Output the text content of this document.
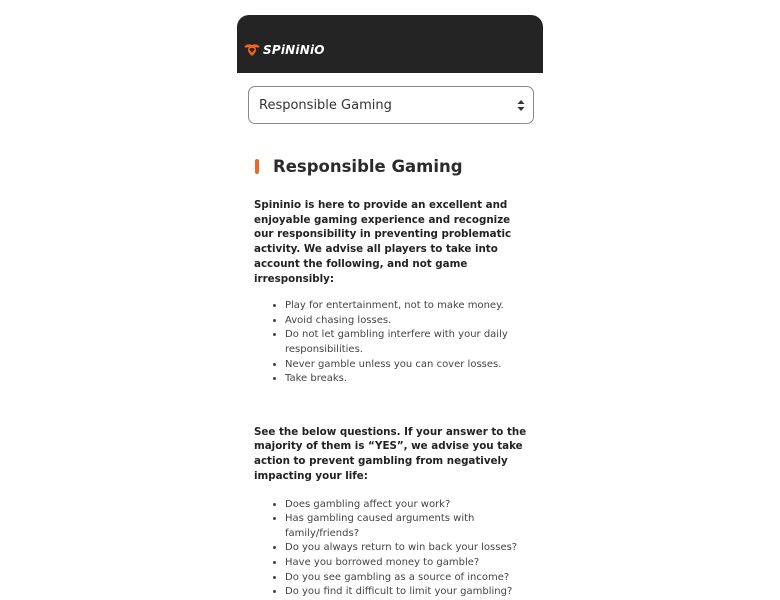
SPiNiNiO
Responsible Gaming
Responsible Gaming

Spininio is here to provide an excellent and enjoyable gaming experience and recognize our responsibility in preventing problematic activity. We advise all players to take into account the following, and not game irresponsibly:

• Play for entertainment, not to make money.
• Avoid chasing losses.
• Do not let gambling interfere with your daily responsibilities.
• Never gamble unless you can cover losses.
• Take breaks.

See the below questions. If your answer to the majority of them is “YES”, we advise you take action to prevent gambling from negatively impacting your life:

• Does gambling affect your work?
• Has gambling caused arguments with family/friends?
• Do you always return to win back your losses?
• Have you borrowed money to gamble?
• Do you see gambling as a source of income?
• Do you find it difficult to limit your gambling?
